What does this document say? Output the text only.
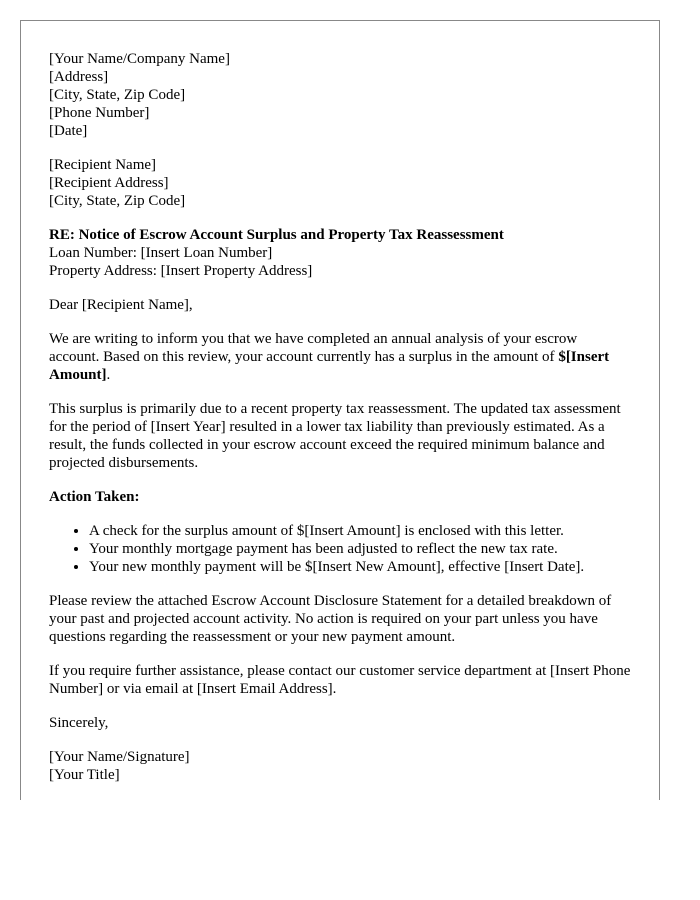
[Your Name/Company Name]
[Address]
[City, State, Zip Code]
[Phone Number]
[Date]
[Recipient Name]
[Recipient Address]
[City, State, Zip Code]
RE: Notice of Escrow Account Surplus and Property Tax Reassessment
Loan Number: [Insert Loan Number]
Property Address: [Insert Property Address]

Dear [Recipient Name],

We are writing to inform you that we have completed an annual analysis of your escrow account. Based on this review, your account currently has a surplus in the amount of $[Insert Amount].

This surplus is primarily due to a recent property tax reassessment. The updated tax assessment for the period of [Insert Year] resulted in a lower tax liability than previously estimated. As a result, the funds collected in your escrow account exceed the required minimum balance and projected disbursements.

Action Taken:

• A check for the surplus amount of $[Insert Amount] is enclosed with this letter.
• Your monthly mortgage payment has been adjusted to reflect the new tax rate.
• Your new monthly payment will be $[Insert New Amount], effective [Insert Date].

Please review the attached Escrow Account Disclosure Statement for a detailed breakdown of your past and projected account activity. No action is required on your part unless you have questions regarding the reassessment or your new payment amount.

If you require further assistance, please contact our customer service department at [Insert Phone Number] or via email at [Insert Email Address].

Sincerely,

[Your Name/Signature]
[Your Title]
